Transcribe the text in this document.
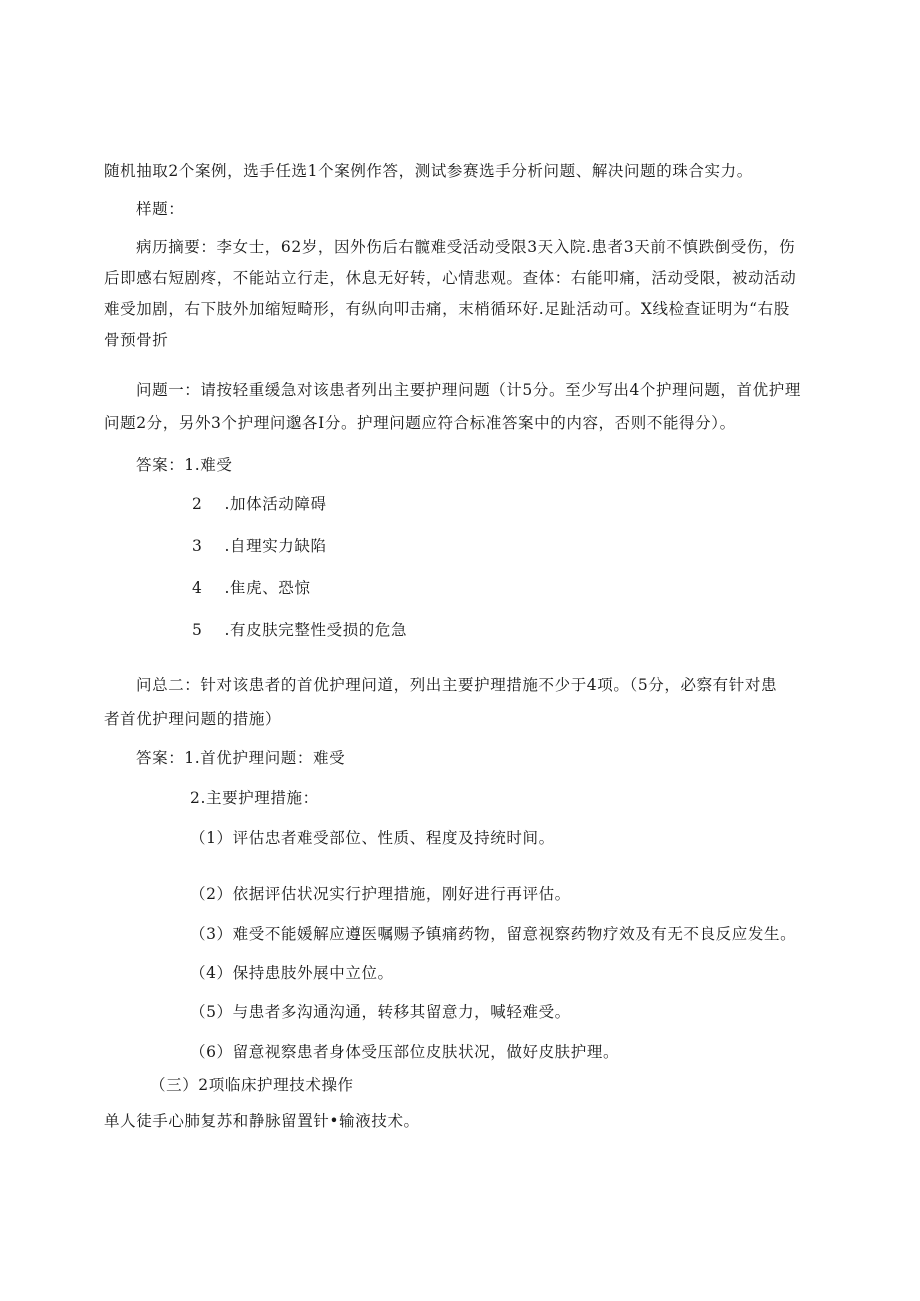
随机抽取2个案例，选手任选1个案例作答，测试参赛选手分析问题、解决问题的珠合实力。
样题：
病历摘要：李女士，62岁，因外伤后右髋难受活动受限3天入院.患者3天前不慎跌倒受伤，伤
后即感右短剧疼，不能站立行走，休息无好转，心情悲观。查体：右能叩痛，活动受限，被动活动
难受加剧，右下肢外加缩短畸形，有纵向叩击痛，末梢循环好.足趾活动可。X线检查证明为“右股
骨预骨折
问题一：请按轻重缓急对该患者列出主要护理问题（计5分。至少写出4个护理问题，首优护理
问题2分，另外3个护理问邈各I分。护理问题应符合标准答案中的内容，否则不能得分）。
答案：1.难受
2 .加体活动障碍
3 .自理实力缺陷
4 .隹虎、恐惊
5 .有皮肤完整性受损的危急
问总二：针对该患者的首优护理问道，列出主要护理措施不少于4项。（5分，必察有针对患
者首优护理问题的措施）
答案：1.首优护理问题：难受
2.主要护理措施：
（1）评估忠者难受部位、性质、程度及持统时间。
（2）依据评估状况实行护理措施，刚好进行再评估。
（3）难受不能媛解应遵医嘱赐予镇痛药物，留意视察药物疗效及有无不良反应发生。
（4）保持患肢外展中立位。
（5）与患者多沟通沟通，转移其留意力，喊轻难受。
（6）留意视察患者身体受压部位皮肤状况，做好皮肤护理。
（三）2项临床护理技术操作
单人徒手心肺复苏和静脉留置针•输液技术。
